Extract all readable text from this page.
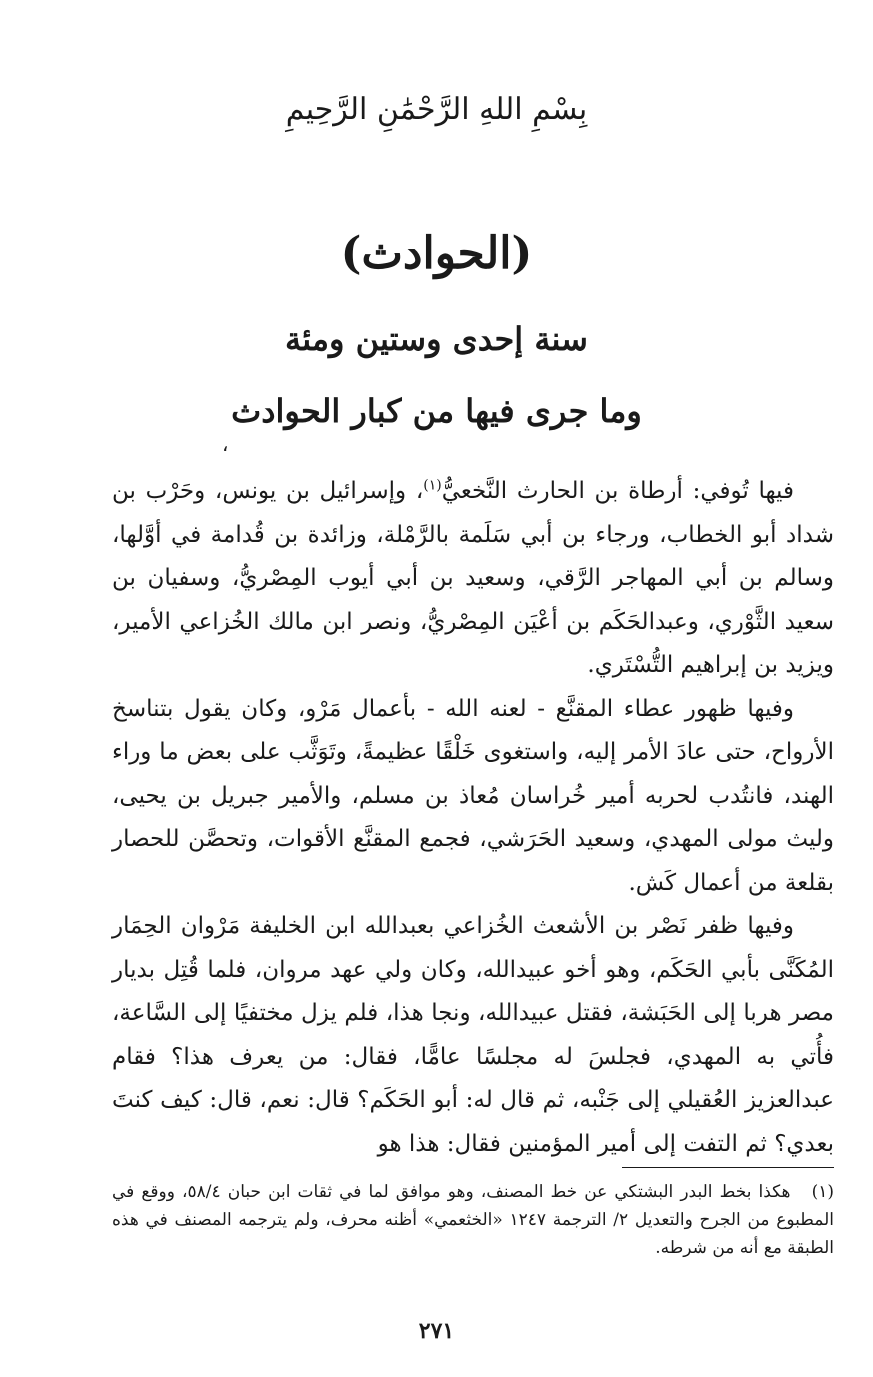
بِسْمِ اللهِ الرَّحْمَٰنِ الرَّحِيمِ
(الحوادث)
سنة إحدى وستين ومئة
وما جرى فيها من كبار الحوادث
،

فيها تُوفي: أرطاة بن الحارث النَّخعيُّ$^{(١)}$، وإسرائيل بن يونس، وحَرْب بن شداد أبو الخطاب، ورجاء بن أبي سَلَمة بالرَّمْلة، وزائدة بن قُدامة في أوَّلها، وسالم بن أبي المهاجر الرَّقي، وسعيد بن أبي أيوب المِصْريُّ، وسفيان بن سعيد الثَّوْري، وعبدالحَكَم بن أعْيَن المِصْريُّ، ونصر ابن مالك الخُزاعي الأمير، ويزيد بن إبراهيم التُّسْتَري.

وفيها ظهور عطاء المقنَّع - لعنه الله - بأعمال مَرْو، وكان يقول بتناسخ الأرواح، حتى عادَ الأمر إليه، واستغوى خَلْقًا عظيمةً، وتَوَثَّب على بعض ما وراء الهند، فانتُدب لحربه أمير خُراسان مُعاذ بن مسلم، والأمير جبريل بن يحيى، وليث مولى المهدي، وسعيد الحَرَشي، فجمع المقنَّع الأقوات، وتحصَّن للحصار بقلعة من أعمال كَش.

وفيها ظفر نَصْر بن الأشعث الخُزاعي بعبدالله ابن الخليفة مَرْوان الحِمَار المُكَنَّى بأبي الحَكَم، وهو أخو عبيدالله، وكان ولي عهد مروان، فلما قُتِل بديار مصر هربا إلى الحَبَشة، فقتل عبيدالله، ونجا هذا، فلم يزل مختفيًا إلى السَّاعة، فأُتي به المهدي، فجلسَ له مجلسًا عامًّا، فقال: من يعرف هذا؟ فقام عبدالعزيز العُقيلي إلى جَنْبه، ثم قال له: أبو الحَكَم؟ قال: نعم، قال: كيف كنتَ بعدي؟ ثم التفت إلى أمير المؤمنين فقال: هذا هو

(١) هكذا بخط البدر البشتكي عن خط المصنف، وهو موافق لما في ثقات ابن حبان ٥٨/٤، ووقع في المطبوع من الجرح والتعديل ٢/ الترجمة ١٢٤٧ «الخثعمي» أظنه محرف، ولم يترجمه المصنف في هذه الطبقة مع أنه من شرطه.
٢٧١
